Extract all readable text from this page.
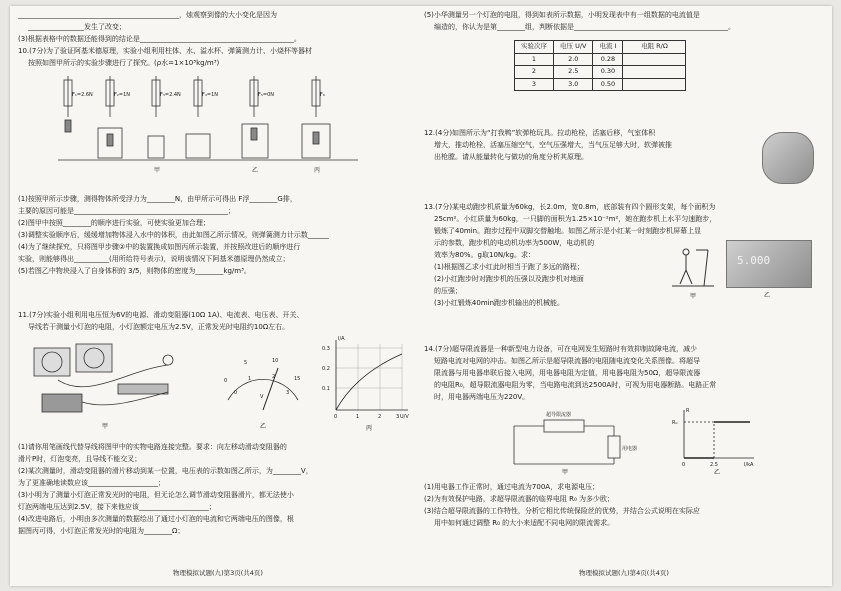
______________________________________________，烛观察到像的大小变化是因为
________________发生了改变；
(3)根据表格中的数据还能得到的结论是____________________________________________。
10.(7分)为了验证阿基米德原理，实验小组利用柱体、水、溢水杯、弹簧测力计、小烧杯等器材
按照如图甲所示的实验步骤进行了探究。(ρ水=1×10³kg/m³)
F₁=2.6N	F₂=1N	F₃=2.4N	F₄=1N	F₅=0N	F₆
甲	乙	丙
(1)按照甲所示步骤，测得物体所受浮力为________N，由甲所示可得出 F浮________G排，
主要的原因可能是____________________________________________；
(2)图甲中按照________的顺序进行实验，可使实验更加合理；
(3)调整实验顺序后，缓缓增加物体浸入水中的体积，由此如图乙所示情况，则弹簧测力计示数______
(4)为了继续探究，只将图甲步骤②中的装置换成如图丙所示装置，并按照改进后的顺序进行
实验，则能够得出__________(用所给符号表示)，说明该情况下阿基米德原理仍然成立；
(5)若图乙中物块浸入了自身体积的 3/5，则物体的密度为________kg/m³。
11.(7分)实验小组利用电压恒为6V的电源、滑动变阻器(10Ω 1A)、电流表、电压表、开关、
导线若干测量小灯泡的电阻，小灯泡额定电压为2.5V，正常发光时电阻约10Ω左右。
甲
0
5	10
15
0
1	2
3
V
乙
I/A
U/V
0.1
0.2
0.3
0	1	2	3
丙
(1)请你用笔画线代替导线将图甲中的实物电路连接完整。要求：向左移动滑动变阻器的
滑片P时，灯泡变亮，且导线不能交叉；
(2)某次测量时，滑动变阻器的滑片移动到某一位置，电压表的示数如图乙所示，为________V，
为了更准确地读数应该____________________；
(3)小明为了测量小灯泡正常发光时的电阻，但无论怎么调节滑动变阻器滑片，都无法使小
灯泡两端电压达到2.5V，接下来他应该____________________；
(4)改进电路后，小明由多次测量的数据绘出了通过小灯泡的电流和它两端电压的图像，根
据图丙可得，小灯泡正常发光时的电阻为________Ω；
物理模拟试题(九)第3页(共4页)
(5)小华测量另一个灯泡的电阻，得到如表所示数据，小明发现表中有一组数据的电流值是
编造的，你认为是第________组，判断依据是____________________________________________。
实验次序	电压 U/V	电流 I	电阻 R/Ω
1	2.0	0.28	
2	2.5	0.30	
3	3.0	0.50	
12.(4分)如图所示为“打我鸭”软弹枪玩具。拉动枪栓，活塞后移，气室体积
增大，推动枪栓，活塞压缩空气，空气压强增大，当气压足够大时，软弹被推
出枪膛。请从能量转化与做功的角度分析其原理。
13.(7分)某电动跑步机质量为60kg，长2.0m，宽0.8m，底部装有四个圆形支架，每个面积为
25cm²。小红质量为60kg，一只脚的面积为1.25×10⁻²m²，她在跑步机上水平匀速跑步，
锻炼了40min。跑步过程中双脚交替触地。如图乙所示是小红某一时刻跑步机屏幕上显
示的参数，跑步机的电动机功率为500W，电动机的
效率为80%。g取10N/kg。求：
(1)根据图乙求小红此时相当于跑了多远的路程；
(2)小红跑步时对跑步机的压强以及跑步机对地面
的压强；
(3)小红锻炼40min跑步机输出的机械能。
甲
5.000
乙
14.(7分)超导限流器是一种新型电力设备，可在电网发生短路时有效抑制故障电流，减少
短路电流对电网的冲击。如图乙所示是超导限流器的电阻随电流变化关系图像。将超导
限流器与用电器串联后接入电网，用电器电阻为定值，用电器电阻为50Ω，超导限流器
的电阻R₀，超导限流器电阻为零，当电路电流到达2500A时，可视为用电器断路。电路正常
时，用电器两端电压为220V。
超导限流器
用电器
甲
R
R₀
0	2.5	I/kA
乙
(1)用电器工作正常时，通过电流为700A，求电源电压；
(2)为有效保护电路，求超导限流器的临界电阻 R₀ 为多少欧；
(3)结合超导限流器的工作特性，分析它相比传统保险丝的优势，并结合公式说明在实际应
用中如何通过调整 R₀ 的大小来适配不同电网的限流需求。
物理模拟试题(九)第4页(共4页)
